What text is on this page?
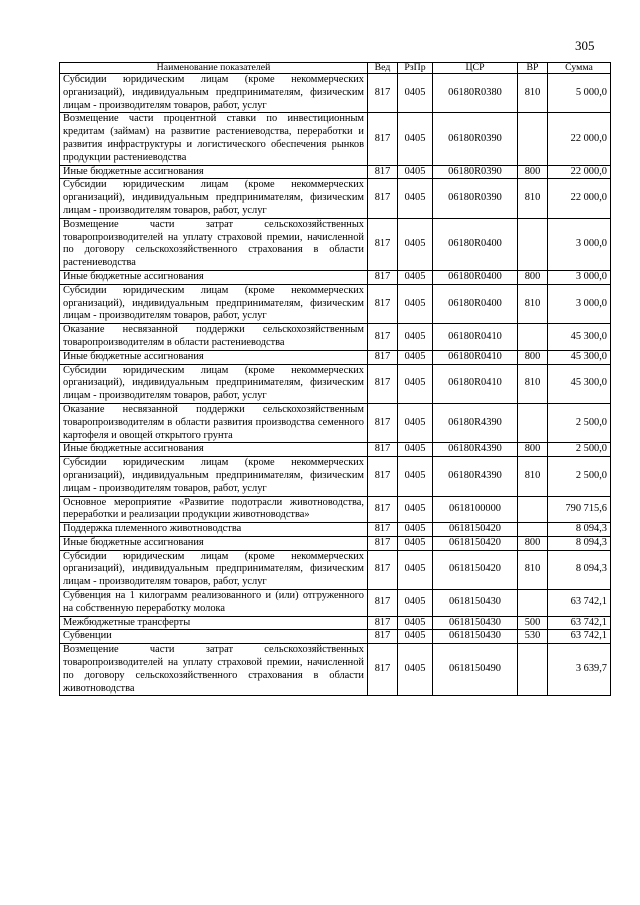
305
Наименование показателей	Вед	РзПр	ЦСР	ВР	Сумма
Субсидии юридическим лицам (кроме некоммерческих организаций), индивидуальным предпринимателям, физическим лицам - производителям товаров, работ, услуг	817	0405	06180R0380	810	5 000,0
Возмещение части процентной ставки по инвестиционным кредитам (займам) на развитие растениеводства, переработки и развития инфраструктуры и логистического обеспечения рынков продукции растениеводства	817	0405	06180R0390		22 000,0
Иные бюджетные ассигнования	817	0405	06180R0390	800	22 000,0
Субсидии юридическим лицам (кроме некоммерческих организаций), индивидуальным предпринимателям, физическим лицам - производителям товаров, работ, услуг	817	0405	06180R0390	810	22 000,0
Возмещение части затрат сельскохозяйственных товаропроизводителей на уплату страховой премии, начисленной по договору сельскохозяйственного страхования в области растениеводства	817	0405	06180R0400		3 000,0
Иные бюджетные ассигнования	817	0405	06180R0400	800	3 000,0
Субсидии юридическим лицам (кроме некоммерческих организаций), индивидуальным предпринимателям, физическим лицам - производителям товаров, работ, услуг	817	0405	06180R0400	810	3 000,0
Оказание несвязанной поддержки сельскохозяйственным товаропроизводителям в области растениеводства	817	0405	06180R0410		45 300,0
Иные бюджетные ассигнования	817	0405	06180R0410	800	45 300,0
Субсидии юридическим лицам (кроме некоммерческих организаций), индивидуальным предпринимателям, физическим лицам - производителям товаров, работ, услуг	817	0405	06180R0410	810	45 300,0
Оказание несвязанной поддержки сельскохозяйственным товаропроизводителям в области развития производства семенного картофеля и овощей открытого грунта	817	0405	06180R4390		2 500,0
Иные бюджетные ассигнования	817	0405	06180R4390	800	2 500,0
Субсидии юридическим лицам (кроме некоммерческих организаций), индивидуальным предпринимателям, физическим лицам - производителям товаров, работ, услуг	817	0405	06180R4390	810	2 500,0
Основное мероприятие «Развитие подотрасли животноводства, переработки и реализации продукции животноводства»	817	0405	0618100000		790 715,6
Поддержка племенного животноводства	817	0405	0618150420		8 094,3
Иные бюджетные ассигнования	817	0405	0618150420	800	8 094,3
Субсидии юридическим лицам (кроме некоммерческих организаций), индивидуальным предпринимателям, физическим лицам - производителям товаров, работ, услуг	817	0405	0618150420	810	8 094,3
Субвенция на 1 килограмм реализованного и (или) отгруженного на собственную переработку молока	817	0405	0618150430		63 742,1
Межбюджетные трансферты	817	0405	0618150430	500	63 742,1
Субвенции	817	0405	0618150430	530	63 742,1
Возмещение части затрат сельскохозяйственных товаропроизводителей на уплату страховой премии, начисленной по договору сельскохозяйственного страхования в области животноводства	817	0405	0618150490		3 639,7
